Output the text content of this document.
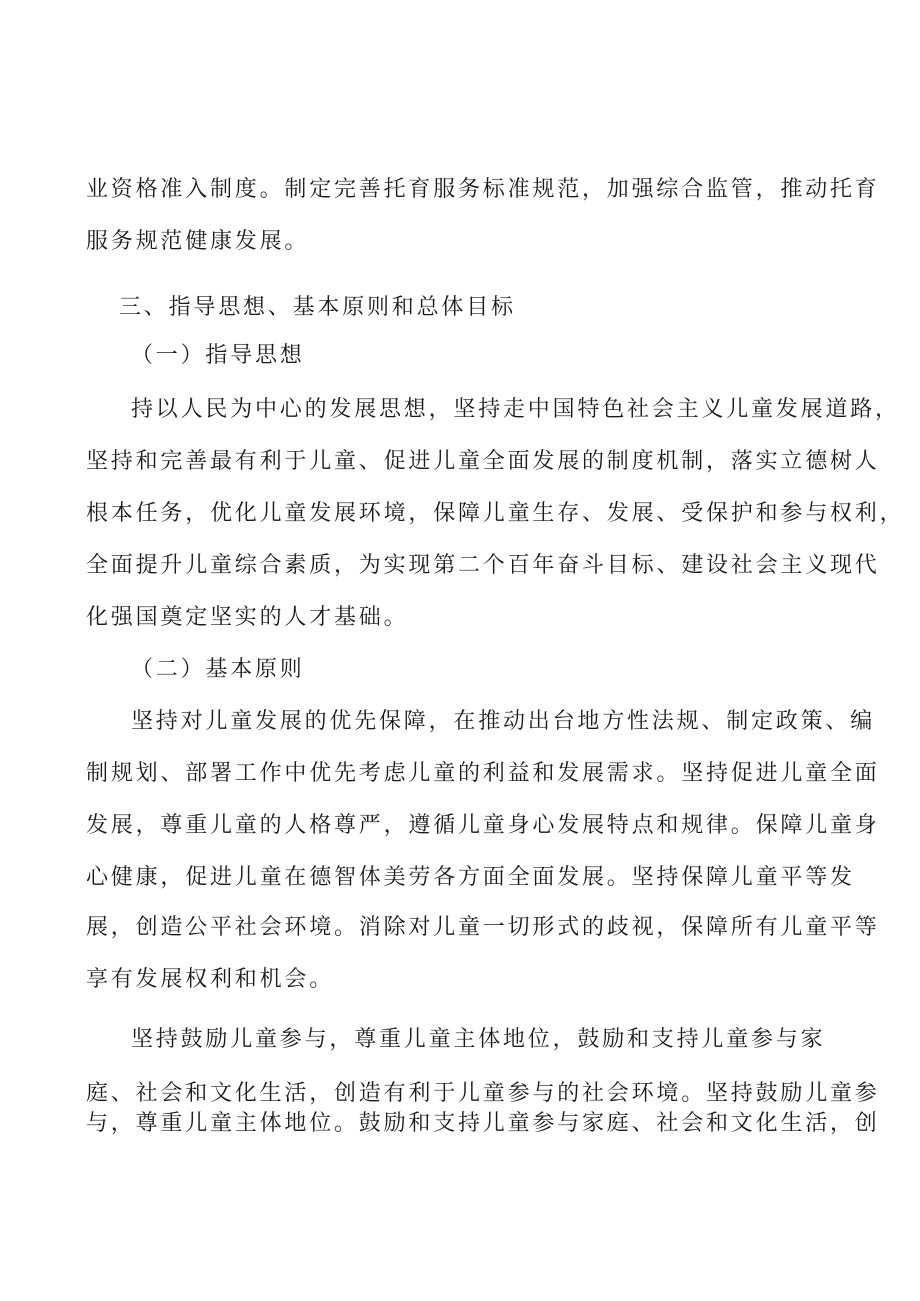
业资格准入制度。制定完善托育服务标准规范，加强综合监管，推动托育
服务规范健康发展。
三、指导思想、基本原则和总体目标
（一）指导思想
持以人民为中心的发展思想，坚持走中国特色社会主义儿童发展道路，
坚持和完善最有利于儿童、促进儿童全面发展的制度机制，落实立德树人
根本任务，优化儿童发展环境，保障儿童生存、发展、受保护和参与权利，
全面提升儿童综合素质，为实现第二个百年奋斗目标、建设社会主义现代
化强国奠定坚实的人才基础。
（二）基本原则
坚持对儿童发展的优先保障，在推动出台地方性法规、制定政策、编
制规划、部署工作中优先考虑儿童的利益和发展需求。坚持促进儿童全面
发展，尊重儿童的人格尊严，遵循儿童身心发展特点和规律。保障儿童身
心健康，促进儿童在德智体美劳各方面全面发展。坚持保障儿童平等发
展，创造公平社会环境。消除对儿童一切形式的歧视，保障所有儿童平等
享有发展权利和机会。
坚持鼓励儿童参与，尊重儿童主体地位，鼓励和支持儿童参与家
庭、社会和文化生活，创造有利于儿童参与的社会环境。坚持鼓励儿童参
与，尊重儿童主体地位。鼓励和支持儿童参与家庭、社会和文化生活，创
